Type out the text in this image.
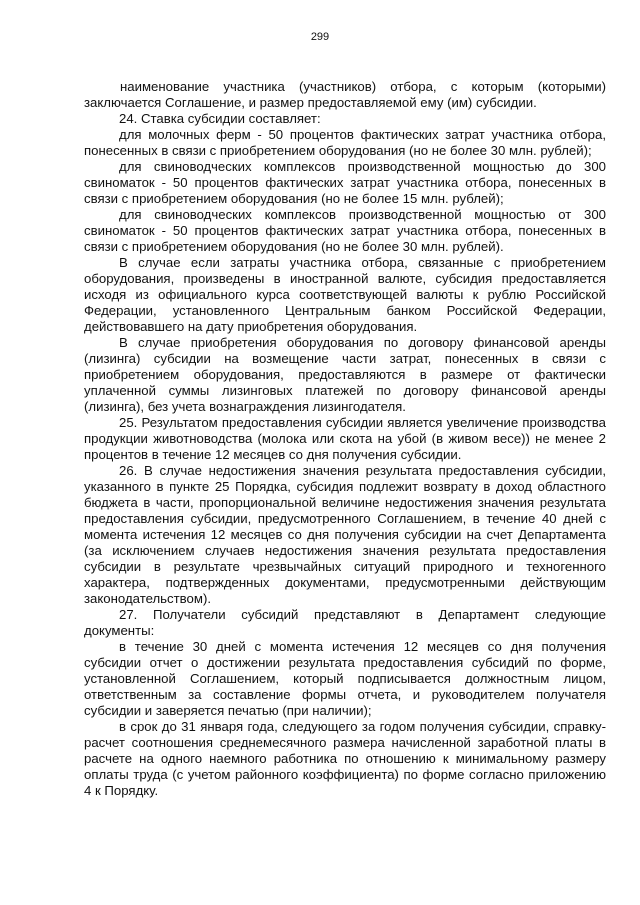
299

наименование участника (участников) отбора, с которым (которыми) заключается Соглашение, и размер предоставляемой ему (им) субсидии.

24. Ставка субсидии составляет:

для молочных ферм - 50 процентов фактических затрат участника отбора, понесенных в связи с приобретением оборудования (но не более 30 млн. рублей);

для свиноводческих комплексов производственной мощностью до 300 свиноматок - 50 процентов фактических затрат участника отбора, понесенных в связи с приобретением оборудования (но не более 15 млн. рублей);

для свиноводческих комплексов производственной мощностью от 300 свиноматок - 50 процентов фактических затрат участника отбора, понесенных в связи с приобретением оборудования (но не более 30 млн. рублей).

В случае если затраты участника отбора, связанные с приобретением оборудования, произведены в иностранной валюте, субсидия предоставляется исходя из официального курса соответствующей валюты к рублю Российской Федерации, установленного Центральным банком Российской Федерации, действовавшего на дату приобретения оборудования.

В случае приобретения оборудования по договору финансовой аренды (лизинга) субсидии на возмещение части затрат, понесенных в связи с приобретением оборудования, предоставляются в размере от фактически уплаченной суммы лизинговых платежей по договору финансовой аренды (лизинга), без учета вознаграждения лизингодателя.

25. Результатом предоставления субсидии является увеличение производства продукции животноводства (молока или скота на убой (в живом весе)) не менее 2 процентов в течение 12 месяцев со дня получения субсидии.

26. В случае недостижения значения результата предоставления субсидии, указанного в пункте 25 Порядка, субсидия подлежит возврату в доход областного бюджета в части, пропорциональной величине недостижения значения результата предоставления субсидии, предусмотренного Соглашением, в течение 40 дней с момента истечения 12 месяцев со дня получения субсидии на счет Департамента (за исключением случаев недостижения значения результата предоставления субсидии в результате чрезвычайных ситуаций природного и техногенного характера, подтвержденных документами, предусмотренными действующим законодательством).

27. Получатели субсидий представляют в Департамент следующие документы:

в течение 30 дней с момента истечения 12 месяцев со дня получения субсидии отчет о достижении результата предоставления субсидий по форме, установленной Соглашением, который подписывается должностным лицом, ответственным за составление формы отчета, и руководителем получателя субсидии и заверяется печатью (при наличии);

в срок до 31 января года, следующего за годом получения субсидии, справку-расчет соотношения среднемесячного размера начисленной заработной платы в расчете на одного наемного работника по отношению к минимальному размеру оплаты труда (с учетом районного коэффициента) по форме согласно приложению 4 к Порядку.
